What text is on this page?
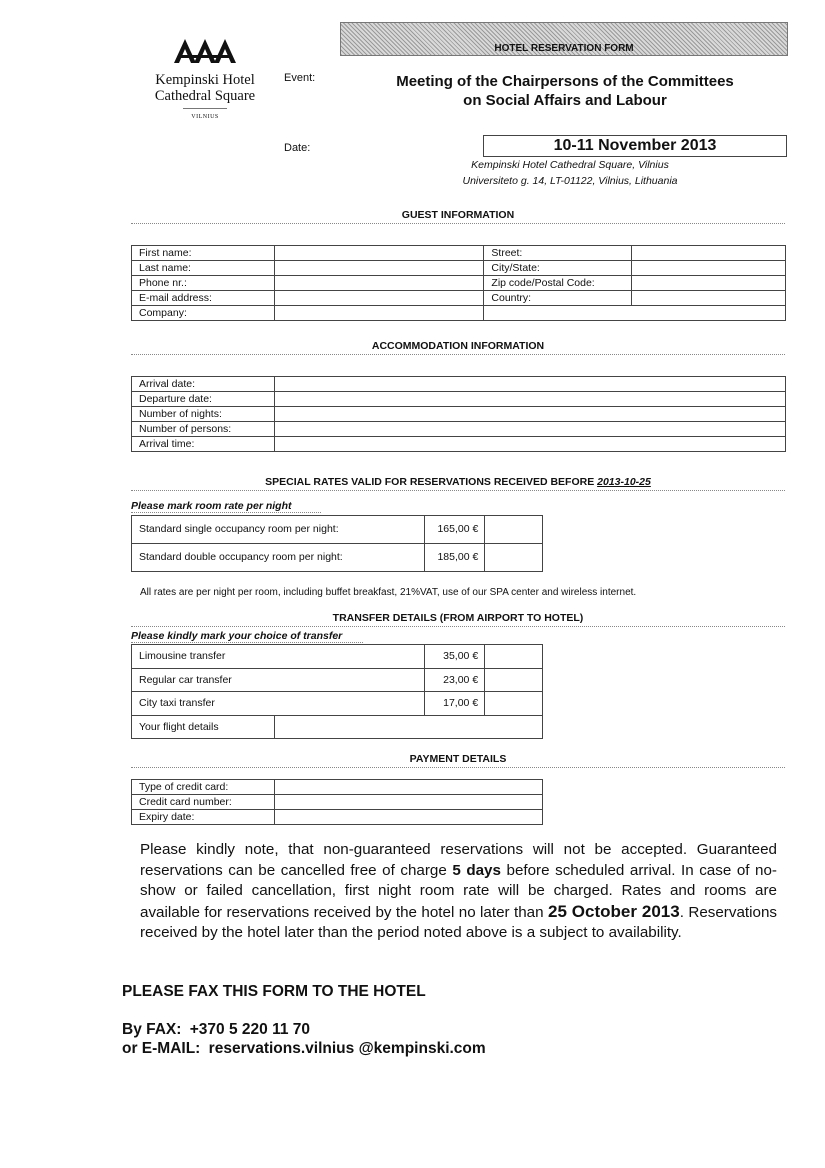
Kempinski Hotel
Cathedral Square
VILNIUS
HOTEL RESERVATION FORM
Event:	Meeting of the Chairpersons of the Committees
on Social Affairs and Labour
Date:	10-11 November 2013
Kempinski Hotel Cathedral Square, Vilnius
Universiteto g. 14, LT-01122, Vilnius, Lithuania
GUEST INFORMATION
First name:		Street:	
Last name:		City/State:	
Phone nr.:		Zip code/Postal Code:	
E-mail address:		Country:	
Company:			
ACCOMMODATION INFORMATION
Arrival date:	
Departure date:	
Number of nights:	
Number of persons:	
Arrival time:	
SPECIAL RATES VALID FOR RESERVATIONS RECEIVED BEFORE 2013-10-25
Please mark room rate per night
Standard single occupancy room per night:	165,00 €	
Standard double occupancy room per night:	185,00 €	
All rates are per night per room, including buffet breakfast, 21%VAT, use of our SPA center and wireless internet.
TRANSFER DETAILS (FROM AIRPORT TO HOTEL)
Please kindly mark your choice of transfer
Limousine transfer		35,00 €	
Regular car transfer		23,00 €	
City taxi transfer		17,00 €	
Your flight details			
PAYMENT DETAILS
Type of credit card:	
Credit card number:	
Expiry date:	
Please kindly note, that non-guaranteed reservations will not be accepted. Guaranteed reservations can be cancelled free of charge 5 days before scheduled arrival. In case of no-show or failed cancellation, first night room rate will be charged. Rates and rooms are available for reservations received by the hotel no later than 25 October 2013. Reservations received by the hotel later than the period noted above is a subject to availability.
PLEASE FAX THIS FORM TO THE HOTEL
By FAX: +370 5 220 11 70
or E-MAIL: reservations.vilnius @kempinski.com
